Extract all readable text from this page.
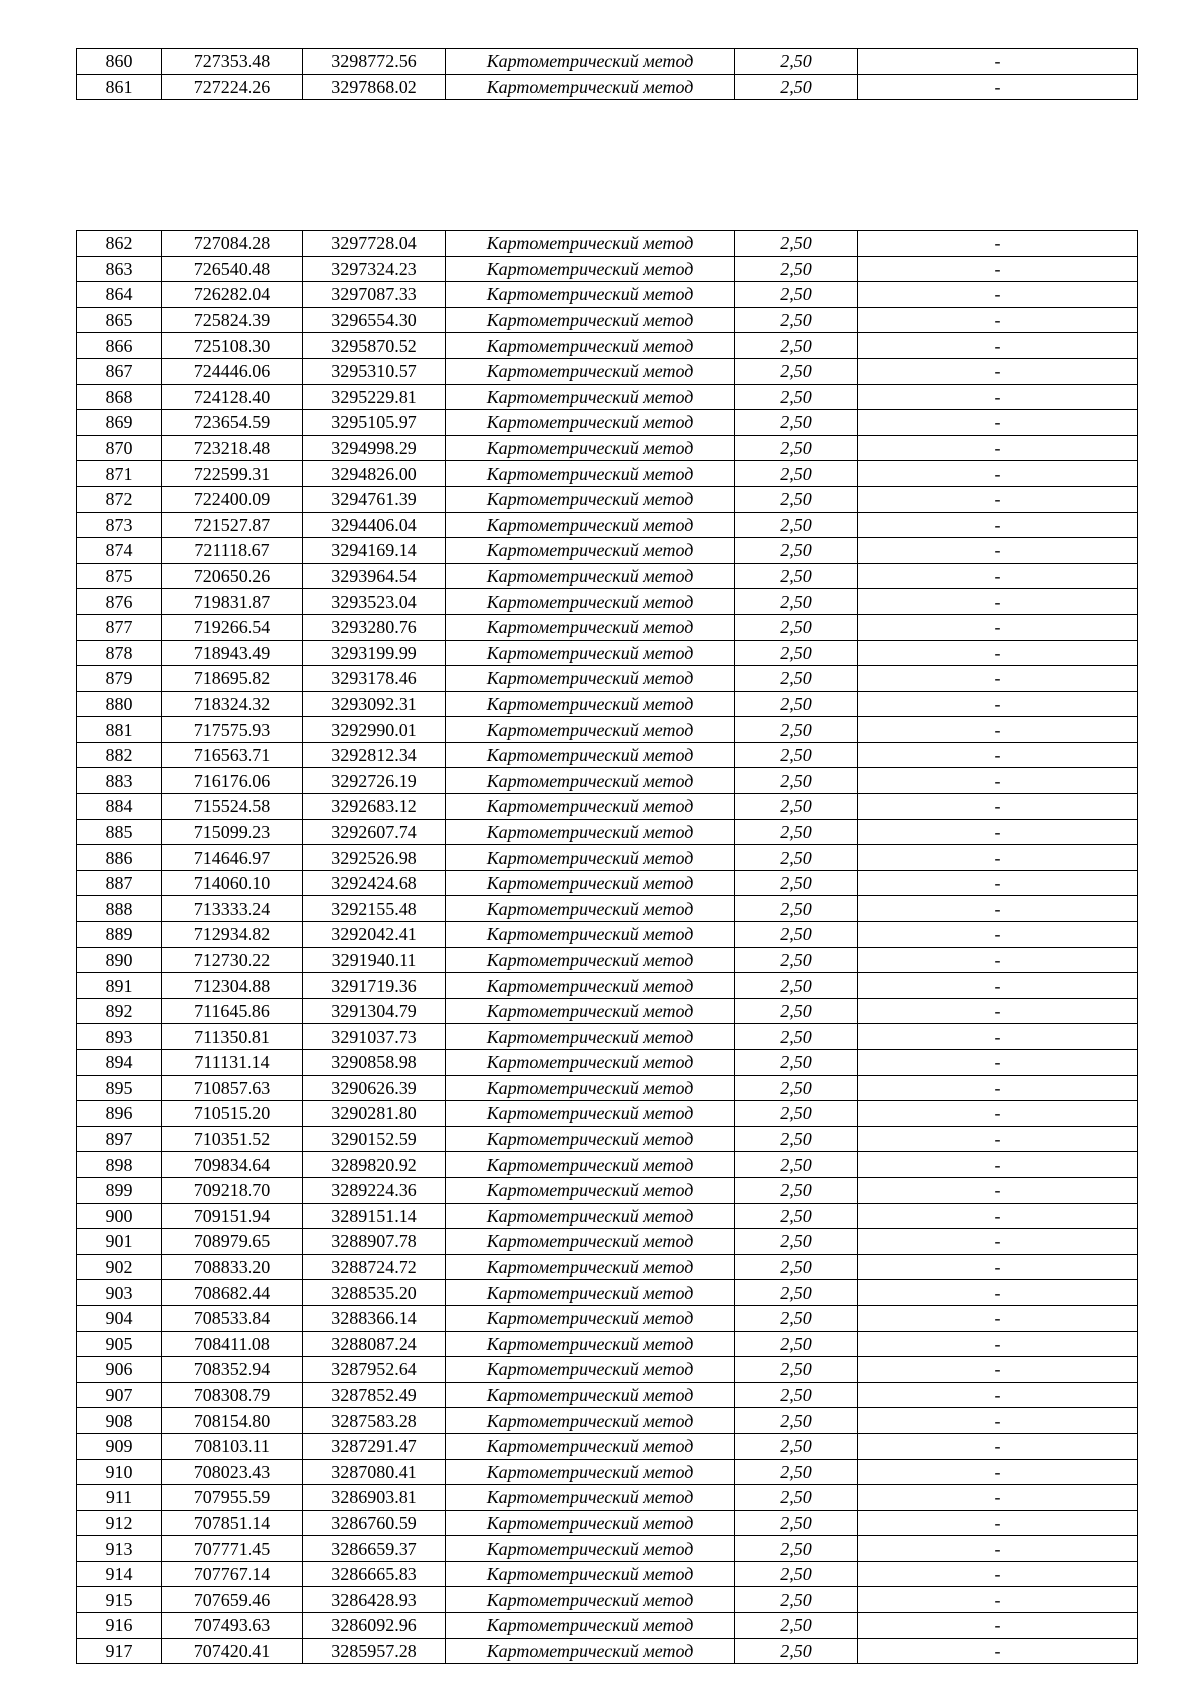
860	727353.48	3298772.56	Картометрический метод	2,50	-
861	727224.26	3297868.02	Картометрический метод	2,50	-
862	727084.28	3297728.04	Картометрический метод	2,50	-
863	726540.48	3297324.23	Картометрический метод	2,50	-
864	726282.04	3297087.33	Картометрический метод	2,50	-
865	725824.39	3296554.30	Картометрический метод	2,50	-
866	725108.30	3295870.52	Картометрический метод	2,50	-
867	724446.06	3295310.57	Картометрический метод	2,50	-
868	724128.40	3295229.81	Картометрический метод	2,50	-
869	723654.59	3295105.97	Картометрический метод	2,50	-
870	723218.48	3294998.29	Картометрический метод	2,50	-
871	722599.31	3294826.00	Картометрический метод	2,50	-
872	722400.09	3294761.39	Картометрический метод	2,50	-
873	721527.87	3294406.04	Картометрический метод	2,50	-
874	721118.67	3294169.14	Картометрический метод	2,50	-
875	720650.26	3293964.54	Картометрический метод	2,50	-
876	719831.87	3293523.04	Картометрический метод	2,50	-
877	719266.54	3293280.76	Картометрический метод	2,50	-
878	718943.49	3293199.99	Картометрический метод	2,50	-
879	718695.82	3293178.46	Картометрический метод	2,50	-
880	718324.32	3293092.31	Картометрический метод	2,50	-
881	717575.93	3292990.01	Картометрический метод	2,50	-
882	716563.71	3292812.34	Картометрический метод	2,50	-
883	716176.06	3292726.19	Картометрический метод	2,50	-
884	715524.58	3292683.12	Картометрический метод	2,50	-
885	715099.23	3292607.74	Картометрический метод	2,50	-
886	714646.97	3292526.98	Картометрический метод	2,50	-
887	714060.10	3292424.68	Картометрический метод	2,50	-
888	713333.24	3292155.48	Картометрический метод	2,50	-
889	712934.82	3292042.41	Картометрический метод	2,50	-
890	712730.22	3291940.11	Картометрический метод	2,50	-
891	712304.88	3291719.36	Картометрический метод	2,50	-
892	711645.86	3291304.79	Картометрический метод	2,50	-
893	711350.81	3291037.73	Картометрический метод	2,50	-
894	711131.14	3290858.98	Картометрический метод	2,50	-
895	710857.63	3290626.39	Картометрический метод	2,50	-
896	710515.20	3290281.80	Картометрический метод	2,50	-
897	710351.52	3290152.59	Картометрический метод	2,50	-
898	709834.64	3289820.92	Картометрический метод	2,50	-
899	709218.70	3289224.36	Картометрический метод	2,50	-
900	709151.94	3289151.14	Картометрический метод	2,50	-
901	708979.65	3288907.78	Картометрический метод	2,50	-
902	708833.20	3288724.72	Картометрический метод	2,50	-
903	708682.44	3288535.20	Картометрический метод	2,50	-
904	708533.84	3288366.14	Картометрический метод	2,50	-
905	708411.08	3288087.24	Картометрический метод	2,50	-
906	708352.94	3287952.64	Картометрический метод	2,50	-
907	708308.79	3287852.49	Картометрический метод	2,50	-
908	708154.80	3287583.28	Картометрический метод	2,50	-
909	708103.11	3287291.47	Картометрический метод	2,50	-
910	708023.43	3287080.41	Картометрический метод	2,50	-
911	707955.59	3286903.81	Картометрический метод	2,50	-
912	707851.14	3286760.59	Картометрический метод	2,50	-
913	707771.45	3286659.37	Картометрический метод	2,50	-
914	707767.14	3286665.83	Картометрический метод	2,50	-
915	707659.46	3286428.93	Картометрический метод	2,50	-
916	707493.63	3286092.96	Картометрический метод	2,50	-
917	707420.41	3285957.28	Картометрический метод	2,50	-
